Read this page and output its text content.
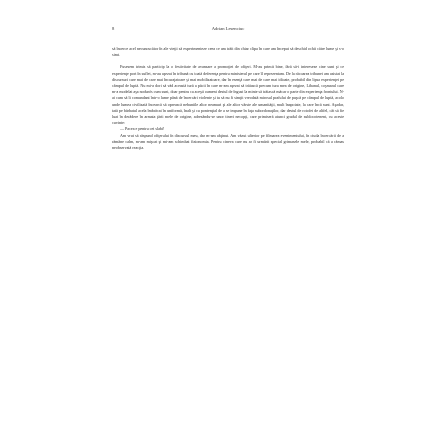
8	Adrian Lesenciuc

să încerce acel necunoscător în ale vieţii să experimenteze ceea ce am trăit din chiar clipa în care am început să deschid ochii către lume şi s-o simt.

Fusesem trimis să particip la o festivitate de avansare a promoţiei de ofiţeri. M-au primit bine, fără să-i intereseze cine sunt şi ce experienţe port în suflet, m-au aşezat în tribună cu toată deferenţa pentru ministerul pe care îl reprezentam. De la răcoarea tribunei am asistat la discursuri care mai de care mai încurajatoare şi mai mobilizatoare, dar în esenţă care mai de care mai idioate, probabil din lipsa experienţei pe câmpul de luptă. Nu mi-a dori să văd această tură a păcii în care m-am aşezat să trăiască precum tura mea de origine, Libanul, coşmarul care m-a modelat aşa nodurós cum sunt, doar pentru ca aceşti oameni destul de îngust la minte să trăiască măcar o parte din experienţa frontului. N-ai cum să îi comandant într-o lume până de încercări violente şi tu să nu fi simţit vreodată mirosul prafului de puşcă pe câmpul de luptă, acolo unde lumea civilizată încearcă să oprească nebuniile altor neamuri şi ale altor vârste ale umanităţii, mult înapoiate, la care încă sunt. Aşadar, tată pe bărbatul acela îmbrăcat în uniformă, înalt şi cu pontenţial de a se impune în faţa subordonaţilor, dar destul de rotofei de altfel, cât să fie luat în derâdere în armata ţării mele de origine, adresându-se unor tineri necopţi, care primiseră atunci gradul de sublocotenent, cu aceste cuvinte:

— Pacea e pentru cei slabi!

Am vrut să răspund ofiţerului în discursul meu, dar m-am abţinut. Am văzut ulterior pe filmarea evenimentului, în ciuda încercării de a rămâne calm, m-am mişcat şi mi-am schimbat fizionomia. Pentru cineva care nu ar fi urmărit special grimasele mele, probabil că a rămas neobservată reacţia.
